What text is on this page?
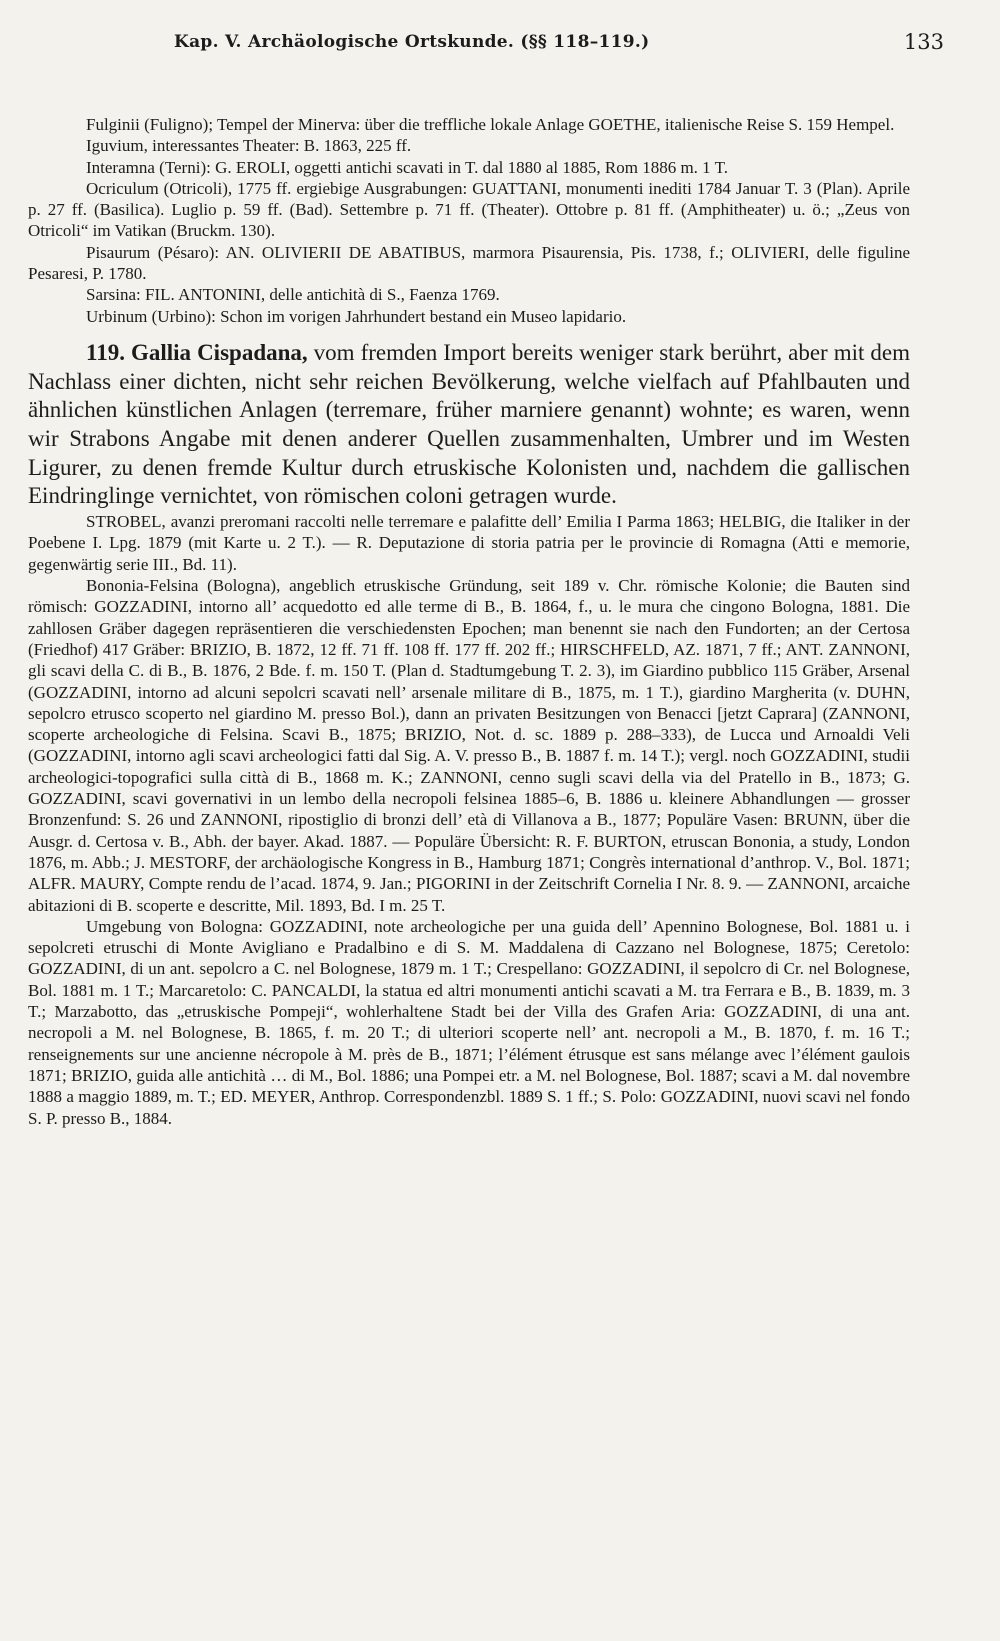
Kap. V. Archäologische Ortskunde. (§§ 118–119.)	133

Fulginii (Fuligno); Tempel der Minerva: über die treffliche lokale Anlage GOETHE, italienische Reise S. 159 Hempel.

Iguvium, interessantes Theater: B. 1863, 225 ff.

Interamna (Terni): G. EROLI, oggetti antichi scavati in T. dal 1880 al 1885, Rom 1886 m. 1 T.

Ocriculum (Otricoli), 1775 ff. ergiebige Ausgrabungen: GUATTANI, monumenti inediti 1784 Januar T. 3 (Plan). Aprile p. 27 ff. (Basilica). Luglio p. 59 ff. (Bad). Settembre p. 71 ff. (Theater). Ottobre p. 81 ff. (Amphitheater) u. ö.; „Zeus von Otricoli“ im Vatikan (Bruckm. 130).

Pisaurum (Pésaro): AN. OLIVIERII DE ABATIBUS, marmora Pisaurensia, Pis. 1738, f.; OLIVIERI, delle figuline Pesaresi, P. 1780.

Sarsina: FIL. ANTONINI, delle antichità di S., Faenza 1769.

Urbinum (Urbino): Schon im vorigen Jahrhundert bestand ein Museo lapidario.

119. Gallia Cispadana, vom fremden Import bereits weniger stark berührt, aber mit dem Nachlass einer dichten, nicht sehr reichen Bevölkerung, welche vielfach auf Pfahlbauten und ähnlichen künstlichen Anlagen (terremare, früher marniere genannt) wohnte; es waren, wenn wir Strabons Angabe mit denen anderer Quellen zusammenhalten, Umbrer und im Westen Ligurer, zu denen fremde Kultur durch etruskische Kolonisten und, nachdem die gallischen Eindringlinge vernichtet, von römischen coloni getragen wurde.

STROBEL, avanzi preromani raccolti nelle terremare e palafitte dell’ Emilia I Parma 1863; HELBIG, die Italiker in der Poebene I. Lpg. 1879 (mit Karte u. 2 T.). — R. Deputazione di storia patria per le provincie di Romagna (Atti e memorie, gegenwärtig serie III., Bd. 11).

Bononia-Felsina (Bologna), angeblich etruskische Gründung, seit 189 v. Chr. römische Kolonie; die Bauten sind römisch: GOZZADINI, intorno all’ acquedotto ed alle terme di B., B. 1864, f., u. le mura che cingono Bologna, 1881. Die zahllosen Gräber dagegen repräsentieren die verschiedensten Epochen; man benennt sie nach den Fundorten; an der Certosa (Friedhof) 417 Gräber: BRIZIO, B. 1872, 12 ff. 71 ff. 108 ff. 177 ff. 202 ff.; HIRSCHFELD, AZ. 1871, 7 ff.; ANT. ZANNONI, gli scavi della C. di B., B. 1876, 2 Bde. f. m. 150 T. (Plan d. Stadtumgebung T. 2. 3), im Giardino pubblico 115 Gräber, Arsenal (GOZZADINI, intorno ad alcuni sepolcri scavati nell’ arsenale militare di B., 1875, m. 1 T.), giardino Margherita (v. DUHN, sepolcro etrusco scoperto nel giardino M. presso Bol.), dann an privaten Besitzungen von Benacci [jetzt Caprara] (ZANNONI, scoperte archeologiche di Felsina. Scavi B., 1875; BRIZIO, Not. d. sc. 1889 p. 288–333), de Lucca und Arnoaldi Veli (GOZZADINI, intorno agli scavi archeologici fatti dal Sig. A. V. presso B., B. 1887 f. m. 14 T.); vergl. noch GOZZADINI, studii archeologici-topografici sulla città di B., 1868 m. K.; ZANNONI, cenno sugli scavi della via del Pratello in B., 1873; G. GOZZADINI, scavi governativi in un lembo della necropoli felsinea 1885–6, B. 1886 u. kleinere Abhandlungen — grosser Bronzenfund: S. 26 und ZANNONI, ripostiglio di bronzi dell’ età di Villanova a B., 1877; Populäre Vasen: BRUNN, über die Ausgr. d. Certosa v. B., Abh. der bayer. Akad. 1887. — Populäre Übersicht: R. F. BURTON, etruscan Bononia, a study, London 1876, m. Abb.; J. MESTORF, der archäologische Kongress in B., Hamburg 1871; Congrès international d’anthrop. V., Bol. 1871; ALFR. MAURY, Compte rendu de l’acad. 1874, 9. Jan.; PIGORINI in der Zeitschrift Cornelia I Nr. 8. 9. — ZANNONI, arcaiche abitazioni di B. scoperte e descritte, Mil. 1893, Bd. I m. 25 T.

Umgebung von Bologna: GOZZADINI, note archeologiche per una guida dell’ Apennino Bolognese, Bol. 1881 u. i sepolcreti etruschi di Monte Avigliano e Pradalbino e di S. M. Maddalena di Cazzano nel Bolognese, 1875; Ceretolo: GOZZADINI, di un ant. sepolcro a C. nel Bolognese, 1879 m. 1 T.; Crespellano: GOZZADINI, il sepolcro di Cr. nel Bolognese, Bol. 1881 m. 1 T.; Marcaretolo: C. PANCALDI, la statua ed altri monumenti antichi scavati a M. tra Ferrara e B., B. 1839, m. 3 T.; Marzabotto, das „etruskische Pompeji“, wohlerhaltene Stadt bei der Villa des Grafen Aria: GOZZADINI, di una ant. necropoli a M. nel Bolognese, B. 1865, f. m. 20 T.; di ulteriori scoperte nell’ ant. necropoli a M., B. 1870, f. m. 16 T.; renseignements sur une ancienne nécropole à M. près de B., 1871; l’élément étrusque est sans mélange avec l’élément gaulois 1871; BRIZIO, guida alle antichità … di M., Bol. 1886; una Pompei etr. a M. nel Bolognese, Bol. 1887; scavi a M. dal novembre 1888 a maggio 1889, m. T.; ED. MEYER, Anthrop. Correspondenzbl. 1889 S. 1 ff.; S. Polo: GOZZADINI, nuovi scavi nel fondo S. P. presso B., 1884.
